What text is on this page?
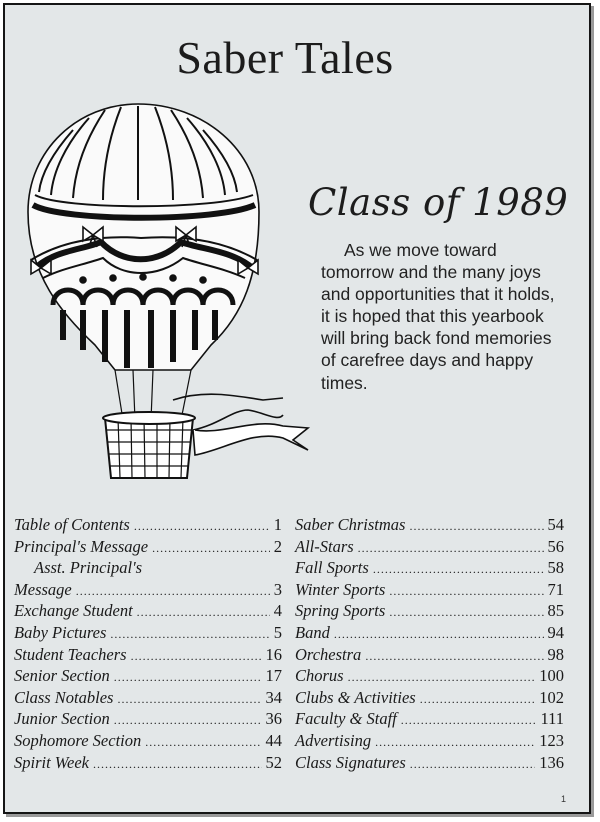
Saber Tales
Class of 1989
As we move toward tomorrow and the many joys and opportunities that it holds, it is hoped that this yearbook will bring back fond memories of carefree days and happy times.
Table of Contents .....	1
Principal's Message .....	2
Asst. Principal's
Message .....	3
Exchange Student .....	4
Baby Pictures .....	5
Student Teachers .....	16
Senior Section .....	17
Class Notables .....	34
Junior Section .....	36
Sophomore Section .....	44
Spirit Week .....	52
Saber Christmas .....	54
All-Stars .....	56
Fall Sports .....	58
Winter Sports .....	71
Spring Sports .....	85
Band .....	94
Orchestra .....	98
Chorus .....	100
Clubs & Activities .....	102
Faculty & Staff .....	111
Advertising .....	123
Class Signatures .....	136
1
